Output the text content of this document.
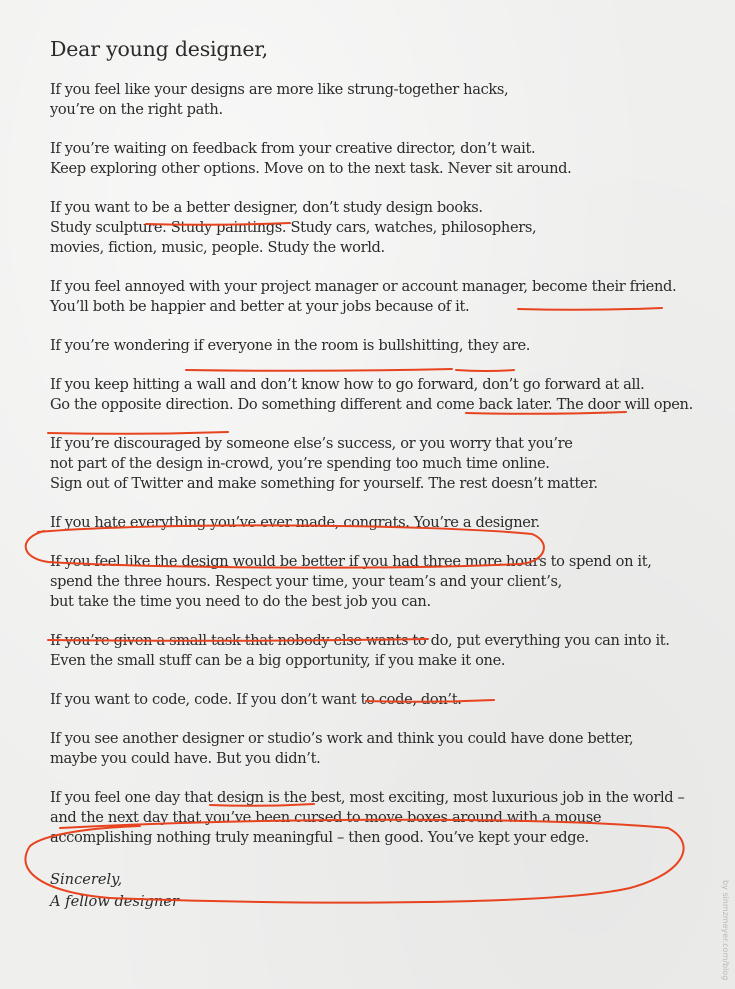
Dear young designer,
If you feel like your designs are more like strung-together hacks,
you’re on the right path.
If you’re waiting on feedback from your creative director, don’t wait.
Keep exploring other options. Move on to the next task. Never sit around.
If you want to be a better designer, don’t study design books.
Study sculpture. Study paintings. Study cars, watches, philosophers,
movies, fiction, music, people. Study the world.
If you feel annoyed with your project manager or account manager, become their friend.
You’ll both be happier and better at your jobs because of it.
If you’re wondering if everyone in the room is bullshitting, they are.
If you keep hitting a wall and don’t know how to go forward, don’t go forward at all.
Go the opposite direction. Do something different and come back later. The door will open.
If you’re discouraged by someone else’s success, or you worry that you’re
not part of the design in-crowd, you’re spending too much time online.
Sign out of Twitter and make something for yourself. The rest doesn’t matter.
If you hate everything you’ve ever made, congrats. You’re a designer.
If you feel like the design would be better if you had three more hours to spend on it,
spend the three hours. Respect your time, your team’s and your client’s,
but take the time you need to do the best job you can.
If you’re given a small task that nobody else wants to do, put everything you can into it.
Even the small stuff can be a big opportunity, if you make it one.
If you want to code, code. If you don’t want to code, don’t.
If you see another designer or studio’s work and think you could have done better,
maybe you could have. But you didn’t.
If you feel one day that design is the best, most exciting, most luxurious job in the world –
and the next day that you’ve been cursed to move boxes around with a mouse
accomplishing nothing truly meaningful – then good. You’ve kept your edge.
Sincerely,
A fellow designer	by sinmzmeyer.com/blog
